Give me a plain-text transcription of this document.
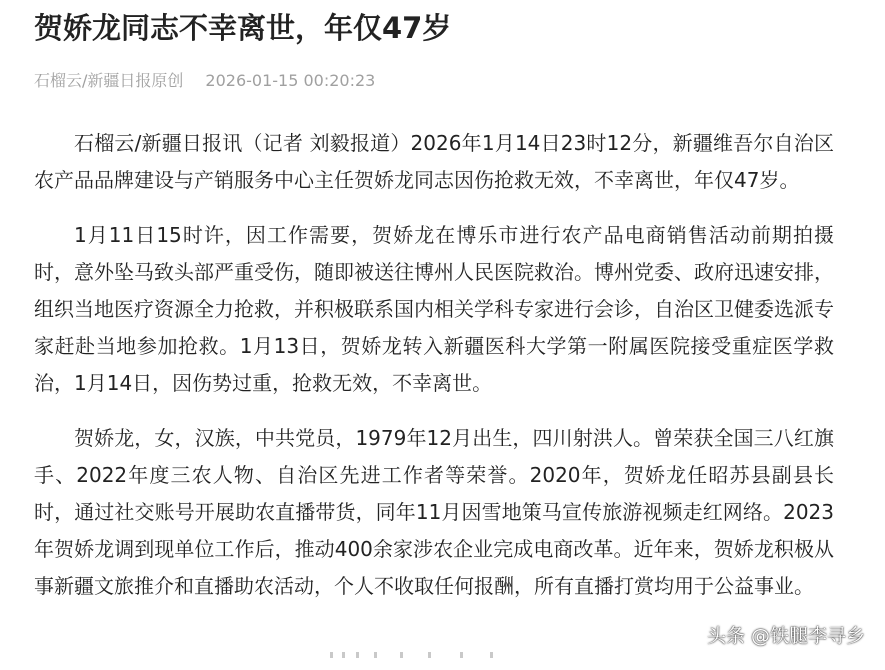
贺娇龙同志不幸离世，年仅47岁
石榴云/新疆日报原创 2026-01-15 00:20:23

石榴云/新疆日报讯（记者 刘毅报道）2026年1月14日23时12分，新疆维吾尔自治区农产品品牌建设与产销服务中心主任贺娇龙同志因伤抢救无效，不幸离世，年仅47岁。

1月11日15时许，因工作需要，贺娇龙在博乐市进行农产品电商销售活动前期拍摄时，意外坠马致头部严重受伤，随即被送往博州人民医院救治。博州党委、政府迅速安排，组织当地医疗资源全力抢救，并积极联系国内相关学科专家进行会诊，自治区卫健委选派专家赶赴当地参加抢救。1月13日，贺娇龙转入新疆医科大学第一附属医院接受重症医学救治，1月14日，因伤势过重，抢救无效，不幸离世。

贺娇龙，女，汉族，中共党员，1979年12月出生，四川射洪人。曾荣获全国三八红旗手、2022年度三农人物、自治区先进工作者等荣誉。2020年，贺娇龙任昭苏县副县长时，通过社交账号开展助农直播带货，同年11月因雪地策马宣传旅游视频走红网络。2023年贺娇龙调到现单位工作后，推动400余家涉农企业完成电商改革。近年来，贺娇龙积极从事新疆文旅推介和直播助农活动，个人不收取任何报酬，所有直播打赏均用于公益事业。

头条 @铁腿李寻乡
